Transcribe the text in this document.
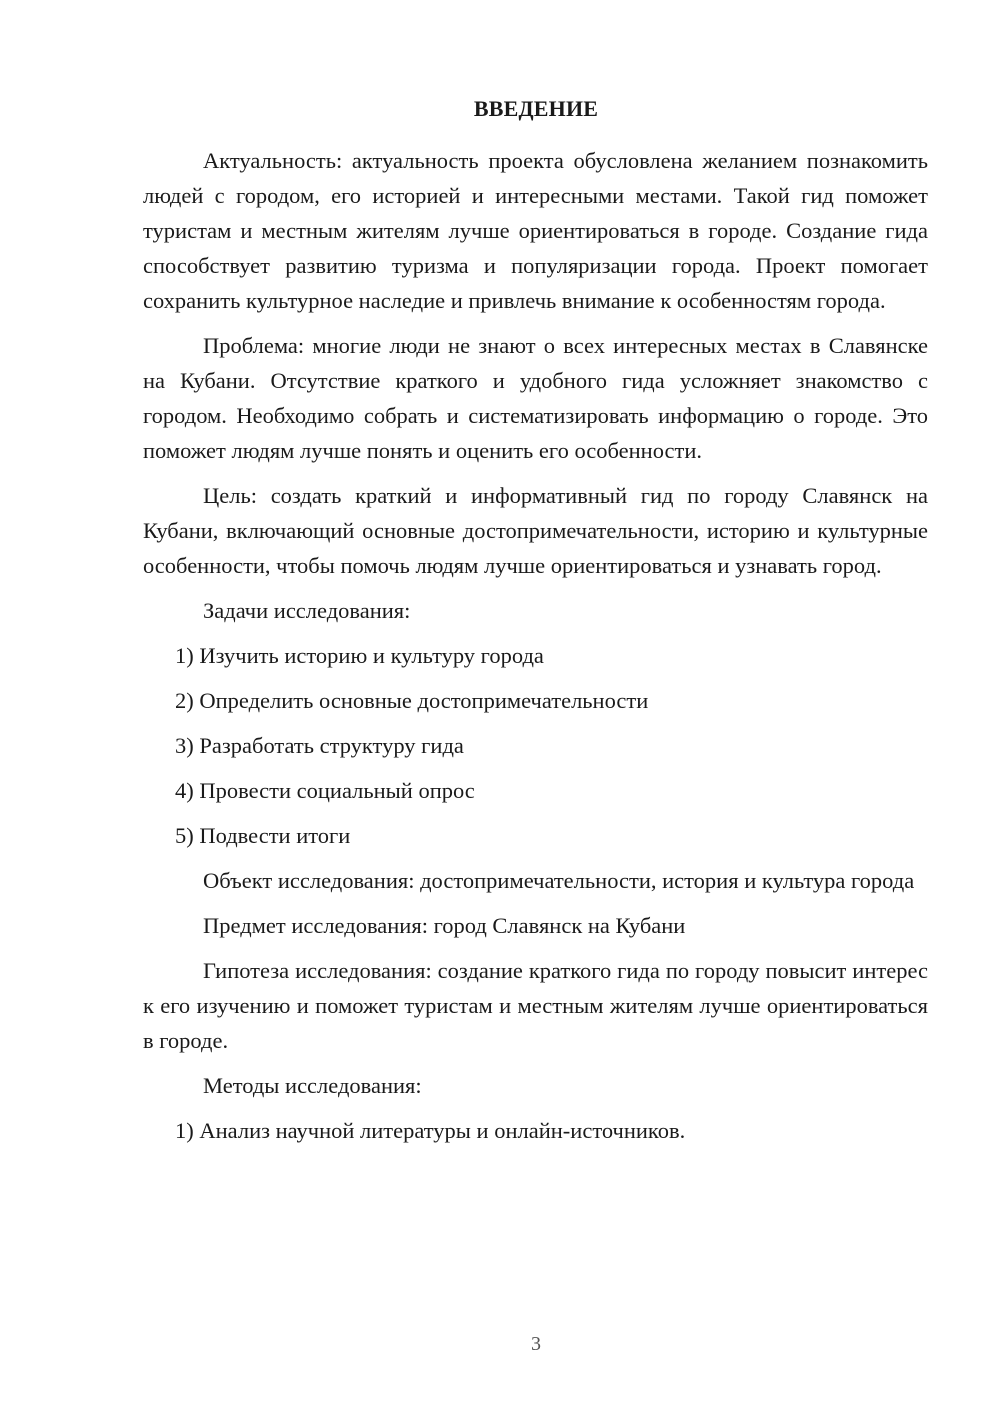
ВВЕДЕНИЕ

Актуальность: актуальность проекта обусловлена желанием познакомить людей с городом, его историей и интересными местами. Такой гид поможет туристам и местным жителям лучше ориентироваться в городе. Создание гида способствует развитию туризма и популяризации города. Проект помогает сохранить культурное наследие и привлечь внимание к особенностям города.

Проблема: многие люди не знают о всех интересных местах в Славянске на Кубани. Отсутствие краткого и удобного гида усложняет знакомство с городом. Необходимо собрать и систематизировать информацию о городе. Это поможет людям лучше понять и оценить его особенности.

Цель: создать краткий и информативный гид по городу Славянск на Кубани, включающий основные достопримечательности, историю и культурные особенности, чтобы помочь людям лучше ориентироваться и узнавать город.

Задачи исследования:

1) Изучить историю и культуру города
2) Определить основные достопримечательности
3) Разработать структуру гида
4) Провести социальный опрос
5) Подвести итоги

Объект исследования: достопримечательности, история и культура города

Предмет исследования: город Славянск на Кубани

Гипотеза исследования: создание краткого гида по городу повысит интерес к его изучению и поможет туристам и местным жителям лучше ориентироваться в городе.

Методы исследования:

1) Анализ научной литературы и онлайн-источников.
3
